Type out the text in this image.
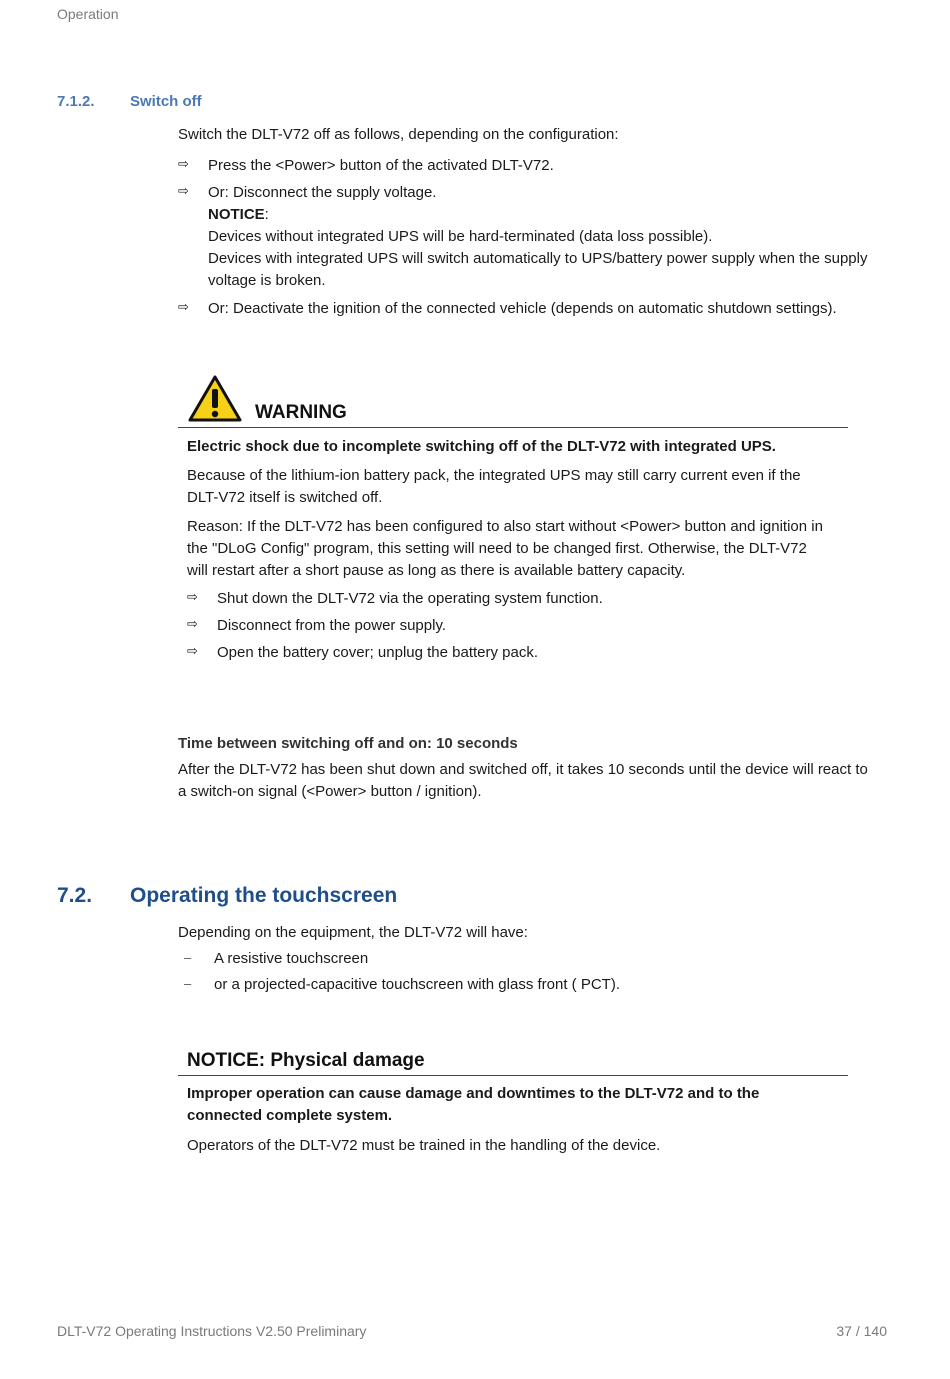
Operation
7.1.2. Switch off
Switch the DLT-V72 off as follows, depending on the configuration:
⇨ Press the <Power> button of the activated DLT-V72.
⇨ Or: Disconnect the supply voltage.
NOTICE:
Devices without integrated UPS will be hard-terminated (data loss possible).
Devices with integrated UPS will switch automatically to UPS/battery power supply when the supply
voltage is broken.
⇨ Or: Deactivate the ignition of the connected vehicle (depends on automatic shutdown settings).
WARNING
Electric shock due to incomplete switching off of the DLT-V72 with integrated UPS.
Because of the lithium-ion battery pack, the integrated UPS may still carry current even if the
DLT-V72 itself is switched off.
Reason: If the DLT-V72 has been configured to also start without <Power> button and ignition in
the "DLoG Config" program, this setting will need to be changed first. Otherwise, the DLT-V72
will restart after a short pause as long as there is available battery capacity.
⇨ Shut down the DLT-V72 via the operating system function.
⇨ Disconnect from the power supply.
⇨ Open the battery cover; unplug the battery pack.
Time between switching off and on: 10 seconds
After the DLT-V72 has been shut down and switched off, it takes 10 seconds until the device will react to
a switch-on signal (<Power> button / ignition).
7.2. Operating the touchscreen
Depending on the equipment, the DLT-V72 will have:
– A resistive touchscreen
– or a projected-capacitive touchscreen with glass front ( PCT).
NOTICE: Physical damage
Improper operation can cause damage and downtimes to the DLT-V72 and to the
connected complete system.
Operators of the DLT-V72 must be trained in the handling of the device.
DLT-V72 Operating Instructions V2.50 Preliminary	37 / 140
